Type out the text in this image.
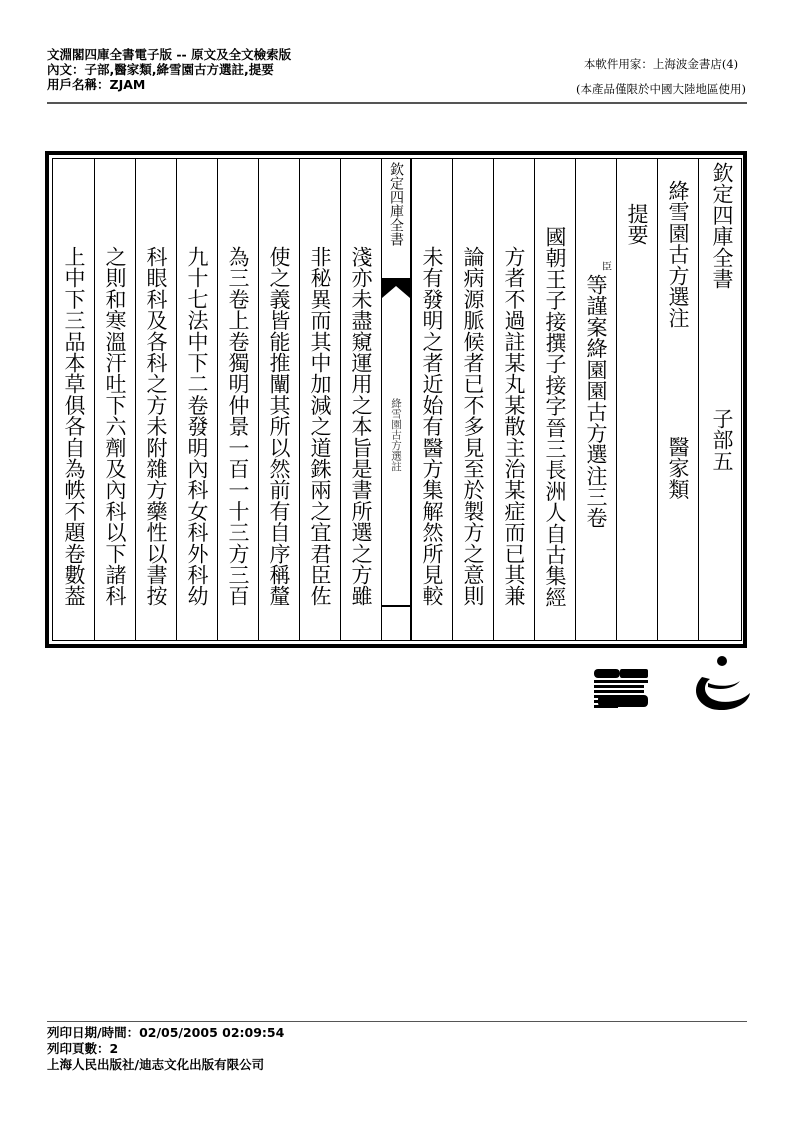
文淵閣四庫全書電子版 -- 原文及全文檢索版
內文：子部,醫家類,絳雪園古方選註,提要
用戶名稱：ZJAM
本軟件用家：上海波金書店(4)
(本產品僅限於中國大陸地區使用)
欽定四庫全書
子部五
絳雪園古方選注
醫家類
提要
臣
等謹案絳園園古方選注三卷
國朝王子接撰子接字晉三長洲人自古集經
方者不過註某丸某散主治某症而已其兼
論病源脈候者已不多見至於製方之意則
未有發明之者近始有醫方集解然所見較
欽定四庫全書
絳雪園古方選註
淺亦未盡窺運用之本旨是書所選之方雖
非秘異而其中加減之道銖兩之宜君臣佐
使之義皆能推闡其所以然前有自序稱釐
為三卷上卷獨明仲景一百一十三方三百
九十七法中下二卷發明內科女科外科幼
科眼科及各科之方未附雜方藥性以書按
之則和寒溫汗吐下六劑及內科以下諸科
上中下三品本草俱各自為帙不題卷數葢
列印日期/時間：02/05/2005 02:09:54
列印頁數：2
上海人民出版社/迪志文化出版有限公司
